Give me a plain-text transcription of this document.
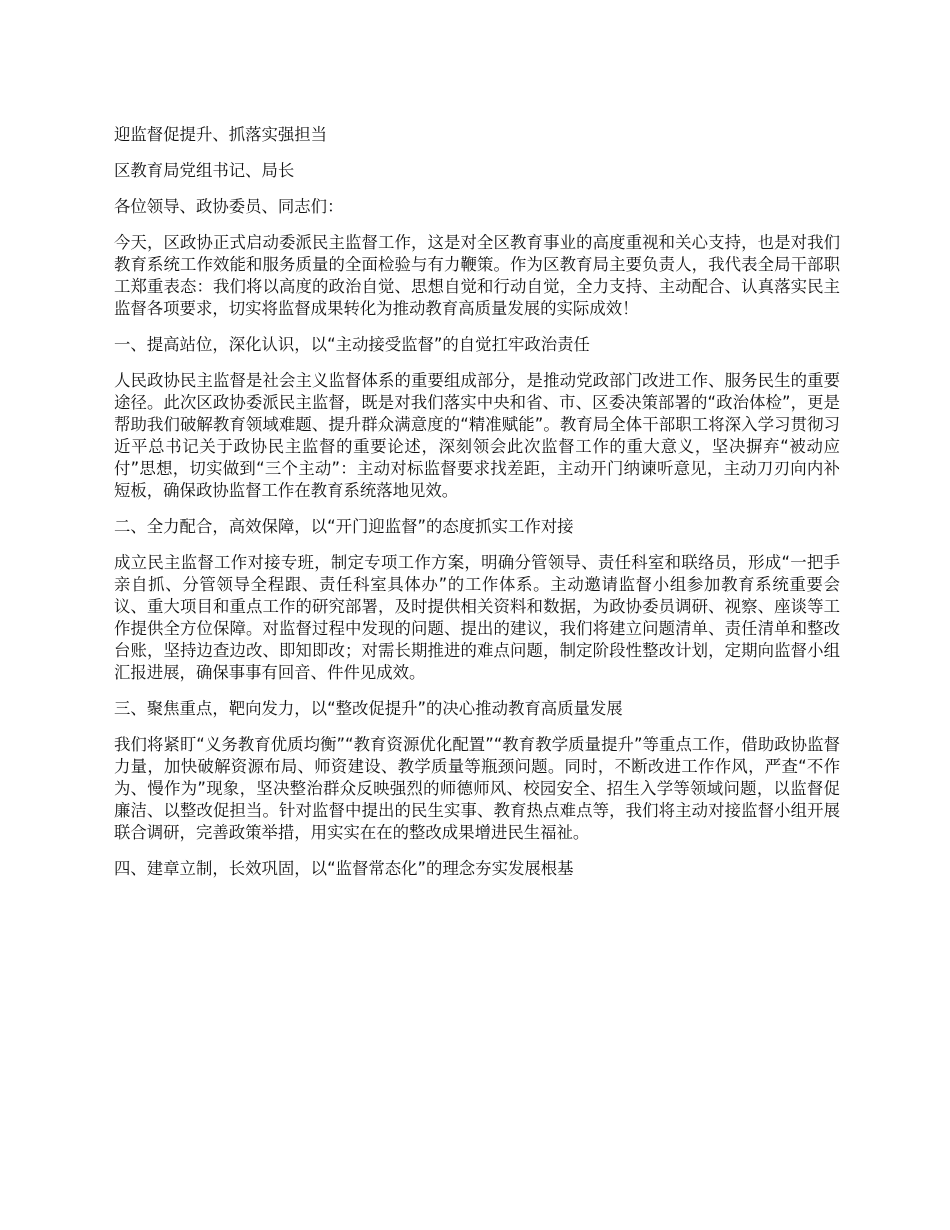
迎监督促提升、抓落实强担当

区教育局党组书记、局长

各位领导、政协委员、同志们：

今天，区政协正式启动委派民主监督工作，这是对全区教育事业的高度重视和关心支持，也是对我们教育系统工作效能和服务质量的全面检验与有力鞭策。作为区教育局主要负责人，我代表全局干部职工郑重表态：我们将以高度的政治自觉、思想自觉和行动自觉，全力支持、主动配合、认真落实民主监督各项要求，切实将监督成果转化为推动教育高质量发展的实际成效！

一、提高站位，深化认识，以“主动接受监督”的自觉扛牢政治责任

人民政协民主监督是社会主义监督体系的重要组成部分，是推动党政部门改进工作、服务民生的重要途径。此次区政协委派民主监督，既是对我们落实中央和省、市、区委决策部署的“政治体检”，更是帮助我们破解教育领域难题、提升群众满意度的“精准赋能”。教育局全体干部职工将深入学习贯彻习近平总书记关于政协民主监督的重要论述，深刻领会此次监督工作的重大意义，坚决摒弃“被动应付”思想，切实做到“三个主动”：主动对标监督要求找差距，主动开门纳谏听意见，主动刀刃向内补短板，确保政协监督工作在教育系统落地见效。

二、全力配合，高效保障，以“开门迎监督”的态度抓实工作对接

成立民主监督工作对接专班，制定专项工作方案，明确分管领导、责任科室和联络员，形成“一把手亲自抓、分管领导全程跟、责任科室具体办”的工作体系。主动邀请监督小组参加教育系统重要会议、重大项目和重点工作的研究部署，及时提供相关资料和数据，为政协委员调研、视察、座谈等工作提供全方位保障。对监督过程中发现的问题、提出的建议，我们将建立问题清单、责任清单和整改台账，坚持边查边改、即知即改；对需长期推进的难点问题，制定阶段性整改计划，定期向监督小组汇报进展，确保事事有回音、件件见成效。

三、聚焦重点，靶向发力，以“整改促提升”的决心推动教育高质量发展

我们将紧盯“义务教育优质均衡”“教育资源优化配置”“教育教学质量提升”等重点工作，借助政协监督力量，加快破解资源布局、师资建设、教学质量等瓶颈问题。同时，不断改进工作作风，严查“不作为、慢作为”现象，坚决整治群众反映强烈的师德师风、校园安全、招生入学等领域问题，以监督促廉洁、以整改促担当。针对监督中提出的民生实事、教育热点难点等，我们将主动对接监督小组开展联合调研，完善政策举措，用实实在在的整改成果增进民生福祉。

四、建章立制，长效巩固，以“监督常态化”的理念夯实发展根基
